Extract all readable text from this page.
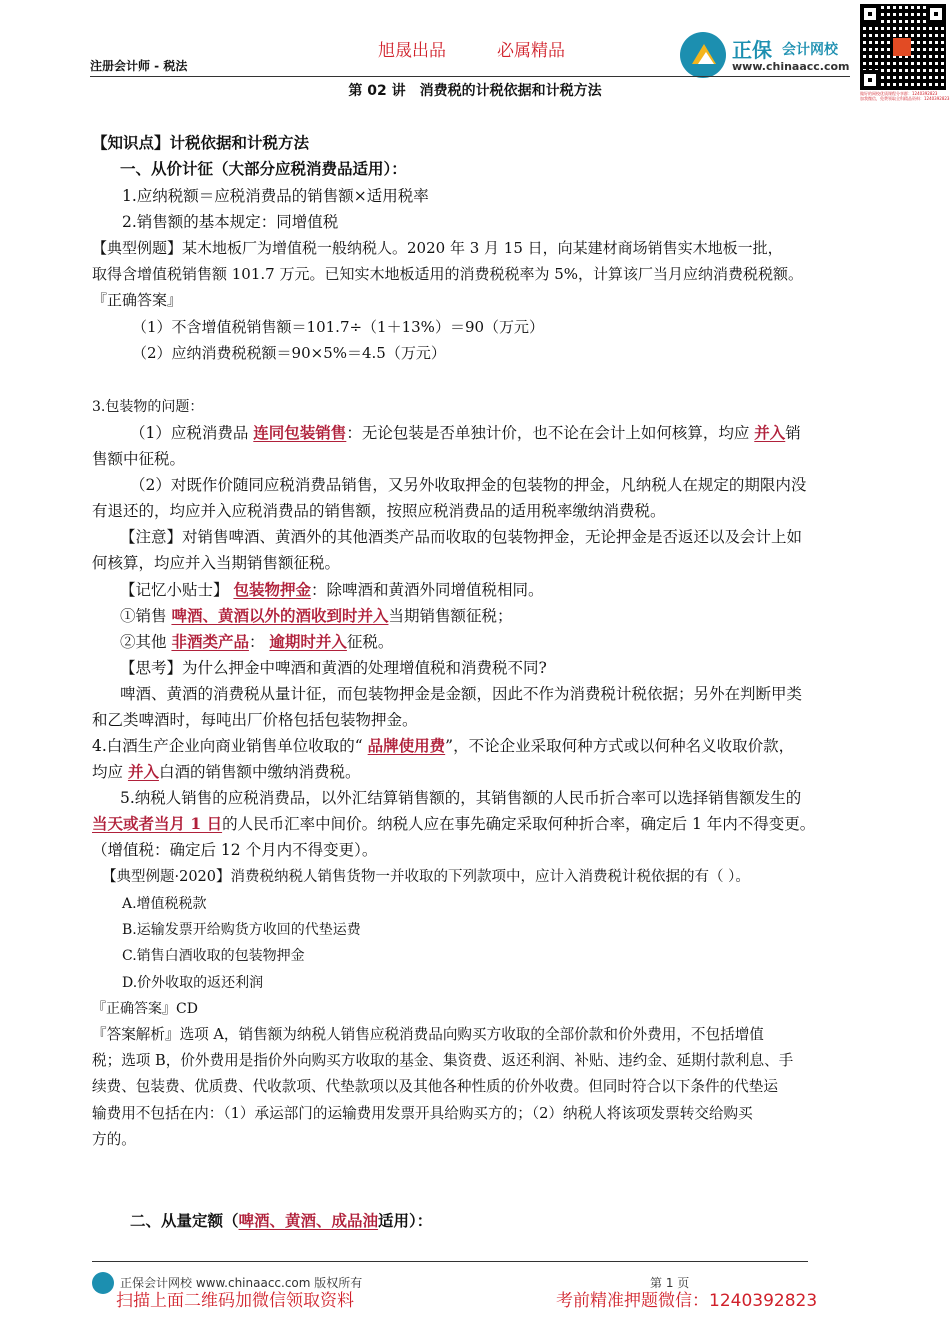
旭晟出品	必属精品
注册会计师 - 税法
正保 会计网校
www.chinaacc.com
做好的网校优质课程分享群：1240392823
加我微信，免费领取全科精品资料：1240392823
第 02 讲　消费税的计税依据和计税方法
【知识点】计税依据和计税方法
一、从价计征（大部分应税消费品适用）：
1.应纳税额＝应税消费品的销售额×适用税率
2.销售额的基本规定：同增值税
【典型例题】某木地板厂为增值税一般纳税人。2020 年 3 月 15 日，向某建材商场销售实木地板一批，
取得含增值税销售额 101.7 万元。已知实木地板适用的消费税税率为 5%，计算该厂当月应纳消费税税额。
『正确答案』
（1）不含增值税销售额＝101.7÷（1＋13%）＝90（万元）
（2）应纳消费税税额＝90×5%＝4.5（万元）
3.包装物的问题：
（1）应税消费品 连同包装销售：无论包装是否单独计价，也不论在会计上如何核算，均应 并入销
售额中征税。
（2）对既作价随同应税消费品销售，又另外收取押金的包装物的押金，凡纳税人在规定的期限内没
有退还的，均应并入应税消费品的销售额，按照应税消费品的适用税率缴纳消费税。
【注意】对销售啤酒、黄酒外的其他酒类产品而收取的包装物押金，无论押金是否返还以及会计上如
何核算，均应并入当期销售额征税。
【记忆小贴士】 包装物押金：除啤酒和黄酒外同增值税相同。
①销售 啤酒、黄酒以外的酒收到时并入当期销售额征税；
②其他 非酒类产品： 逾期时并入征税。
【思考】为什么押金中啤酒和黄酒的处理增值税和消费税不同?
啤酒、黄酒的消费税从量计征，而包装物押金是金额，因此不作为消费税计税依据；另外在判断甲类
和乙类啤酒时，每吨出厂价格包括包装物押金。
4.白酒生产企业向商业销售单位收取的“ 品牌使用费”，不论企业采取何种方式或以何种名义收取价款，
均应 并入白酒的销售额中缴纳消费税。
5.纳税人销售的应税消费品，以外汇结算销售额的，其销售额的人民币折合率可以选择销售额发生的
当天或者当月 1 日的人民币汇率中间价。纳税人应在事先确定采取何种折合率，确定后 1 年内不得变更。
（增值税：确定后 12 个月内不得变更）。
【典型例题·2020】消费税纳税人销售货物一并收取的下列款项中，应计入消费税计税依据的有（ ）。
A.增值税税款
B.运输发票开给购货方收回的代垫运费
C.销售白酒收取的包装物押金
D.价外收取的返还利润
『正确答案』CD
『答案解析』选项 A，销售额为纳税人销售应税消费品向购买方收取的全部价款和价外费用，不包括增值
税；选项 B，价外费用是指价外向购买方收取的基金、集资费、返还利润、补贴、违约金、延期付款利息、手
续费、包装费、优质费、代收款项、代垫款项以及其他各种性质的价外收费。但同时符合以下条件的代垫运
输费用不包括在内：（1）承运部门的运输费用发票开具给购买方的；（2）纳税人将该项发票转交给购买
方的。
二、从量定额（啤酒、黄酒、成品油适用）：
正保会计网校 www.chinaacc.com 版权所有	第 1 页
扫描上面二维码加微信领取资料	考前精准押题微信：1240392823
